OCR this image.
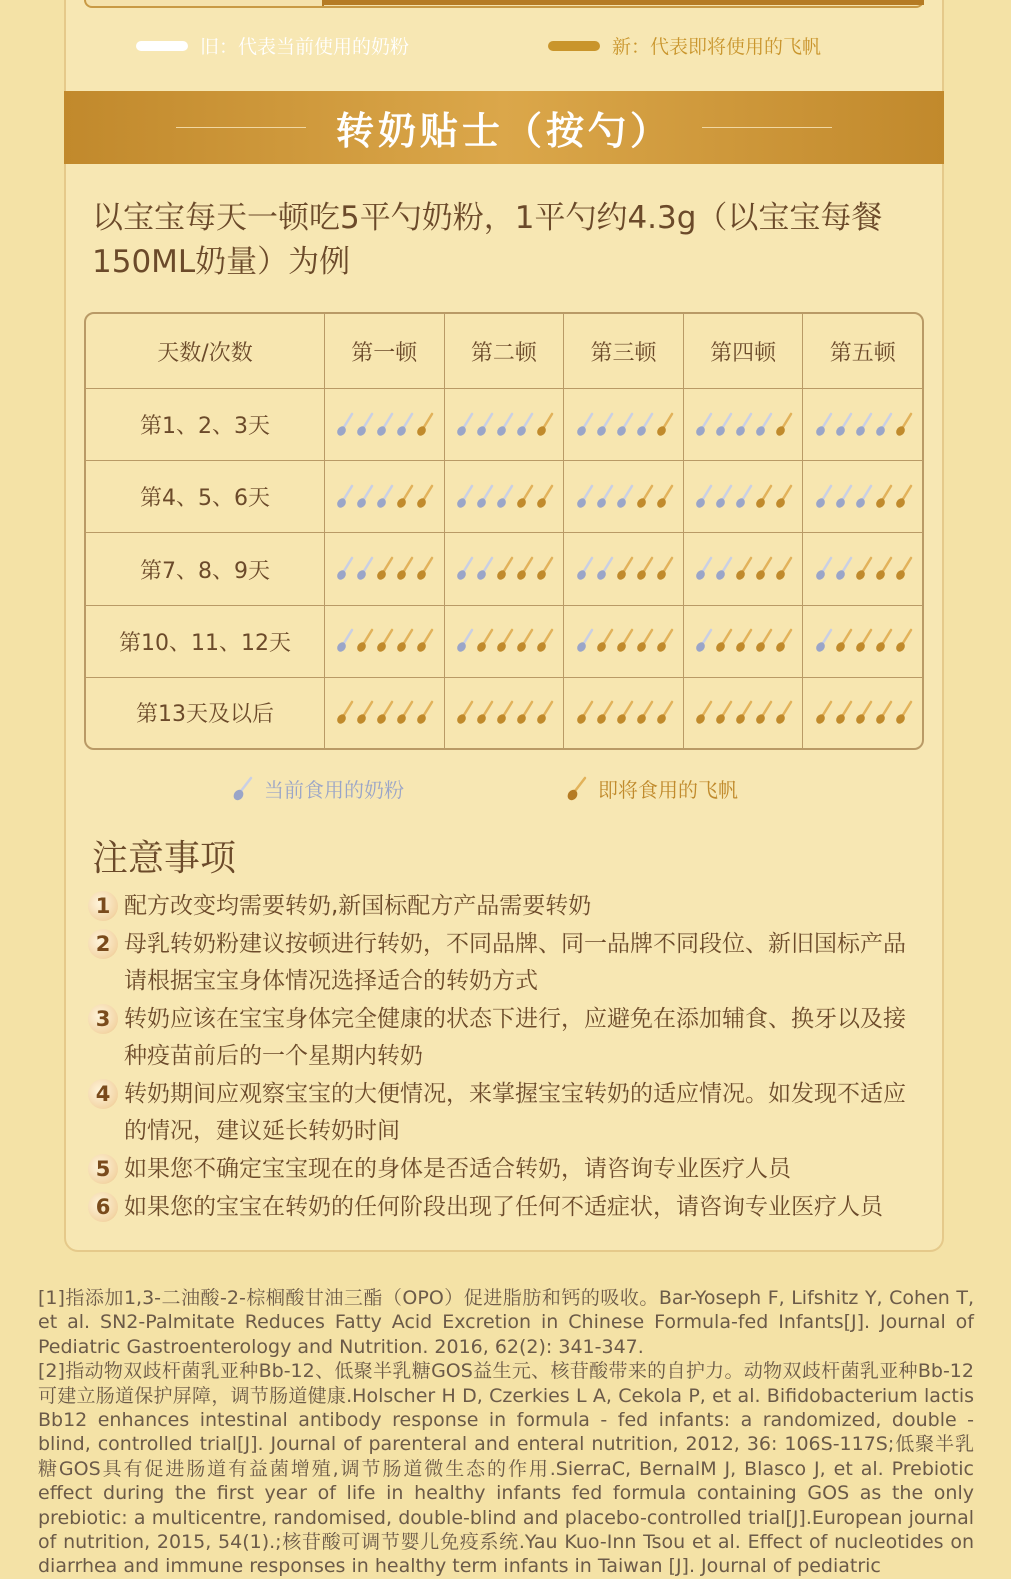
旧：代表当前使用的奶粉	新：代表即将使用的飞帆
转奶贴士（按勺）
以宝宝每天一顿吃5平勺奶粉，1平勺约4.3g（以宝宝每餐150ML奶量）为例
天数/次数	第一顿	第二顿	第三顿	第四顿	第五顿
第1、2、3天	

第4、5、6天	

第7、8、9天	

第10、11、12天	

第13天及以后	

当前食用的奶粉	即将食用的飞帆
注意事项
1 配方改变均需要转奶,新国标配方产品需要转奶
2 母乳转奶粉建议按顿进行转奶，不同品牌、同一品牌不同段位、新旧国标产品请根据宝宝身体情况选择适合的转奶方式
3 转奶应该在宝宝身体完全健康的状态下进行，应避免在添加辅食、换牙以及接种疫苗前后的一个星期内转奶
4 转奶期间应观察宝宝的大便情况，来掌握宝宝转奶的适应情况。如发现不适应的情况，建议延长转奶时间
5 如果您不确定宝宝现在的身体是否适合转奶，请咨询专业医疗人员
6 如果您的宝宝在转奶的任何阶段出现了任何不适症状，请咨询专业医疗人员

[1]指添加1,3-二油酸-2-棕榈酸甘油三酯（OPO）促进脂肪和钙的吸收。Bar-Yoseph F, Lifshitz Y, Cohen T, et al. SN2-Palmitate Reduces Fatty Acid Excretion in Chinese Formula-fed Infants[J]. Journal of Pediatric Gastroenterology and Nutrition. 2016, 62(2): 341-347.

[2]指动物双歧杆菌乳亚种Bb-12、低聚半乳糖GOS益生元、核苷酸带来的自护力。动物双歧杆菌乳亚种Bb-12可建立肠道保护屏障，调节肠道健康.Holscher H D, Czerkies L A, Cekola P, et al. Bifidobacterium lactis Bb12 enhances intestinal antibody response in formula - fed infants: a randomized, double - blind, controlled trial[J]. Journal of parenteral and enteral nutrition, 2012, 36: 106S-117S;低聚半乳糖GOS具有促进肠道有益菌增殖,调节肠道微生态的作用.SierraC, BernalM J, Blasco J, et al. Prebiotic effect during the first year of life in healthy infants fed formula containing GOS as the only prebiotic: a multicentre, randomised, double-blind and placebo-controlled trial[J].European journal of nutrition, 2015, 54(1).;核苷酸可调节婴儿免疫系统.Yau Kuo-Inn Tsou et al. Effect of nucleotides on diarrhea and immune responses in healthy term infants in Taiwan [J]. Journal of pediatric
